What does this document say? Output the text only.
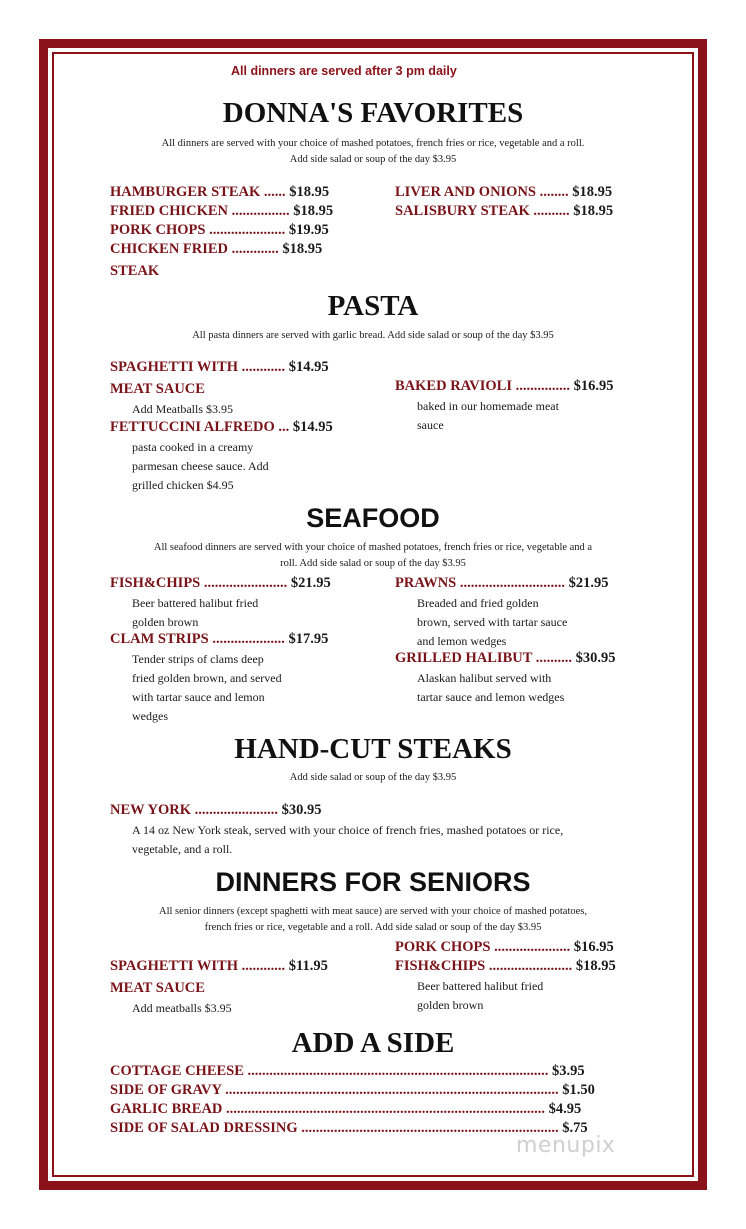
All dinners are served after 3 pm daily
DONNA'S FAVORITES
All dinners are served with your choice of mashed potatoes, french fries or rice, vegetable and a roll.
Add side salad or soup of the day $3.95
HAMBURGER STEAK ...... $18.95	LIVER AND ONIONS ........ $18.95
FRIED CHICKEN ................ $18.95	SALISBURY STEAK .......... $18.95
PORK CHOPS ..................... $19.95
CHICKEN FRIED ............. $18.95
STEAK
PASTA
All pasta dinners are served with garlic bread. Add side salad or soup of the day $3.95
SPAGHETTI WITH ............ $14.95
MEAT SAUCE
Add Meatballs $3.95
FETTUCCINI ALFREDO ... $14.95
pasta cooked in a creamy
parmesan cheese sauce. Add
grilled chicken $4.95
BAKED RAVIOLI ............... $16.95
baked in our homemade meat
sauce
SEAFOOD
All seafood dinners are served with your choice of mashed potatoes, french fries or rice, vegetable and a
roll. Add side salad or soup of the day $3.95
FISH&CHIPS ....................... $21.95
Beer battered halibut fried
golden brown
CLAM STRIPS .................... $17.95
Tender strips of clams deep
fried golden brown, and served
with tartar sauce and lemon
wedges
PRAWNS ............................. $21.95
Breaded and fried golden
brown, served with tartar sauce
and lemon wedges
GRILLED HALIBUT .......... $30.95
Alaskan halibut served with
tartar sauce and lemon wedges
HAND-CUT STEAKS
Add side salad or soup of the day $3.95
NEW YORK ....................... $30.95
A 14 oz New York steak, served with your choice of french fries, mashed potatoes or rice,
vegetable, and a roll.
DINNERS FOR SENIORS
All senior dinners (except spaghetti with meat sauce) are served with your choice of mashed potatoes,
french fries or rice, vegetable and a roll. Add side salad or soup of the day $3.95
PORK CHOPS ..................... $16.95
SPAGHETTI WITH ............ $11.95	FISH&CHIPS ....................... $18.95
MEAT SAUCE
Add meatballs $3.95
Beer battered halibut fried
golden brown
ADD A SIDE
COTTAGE CHEESE ................................................................................... $3.95
SIDE OF GRAVY ............................................................................................ $1.50
GARLIC BREAD ........................................................................................ $4.95
SIDE OF SALAD DRESSING ....................................................................... $.75
menupix
